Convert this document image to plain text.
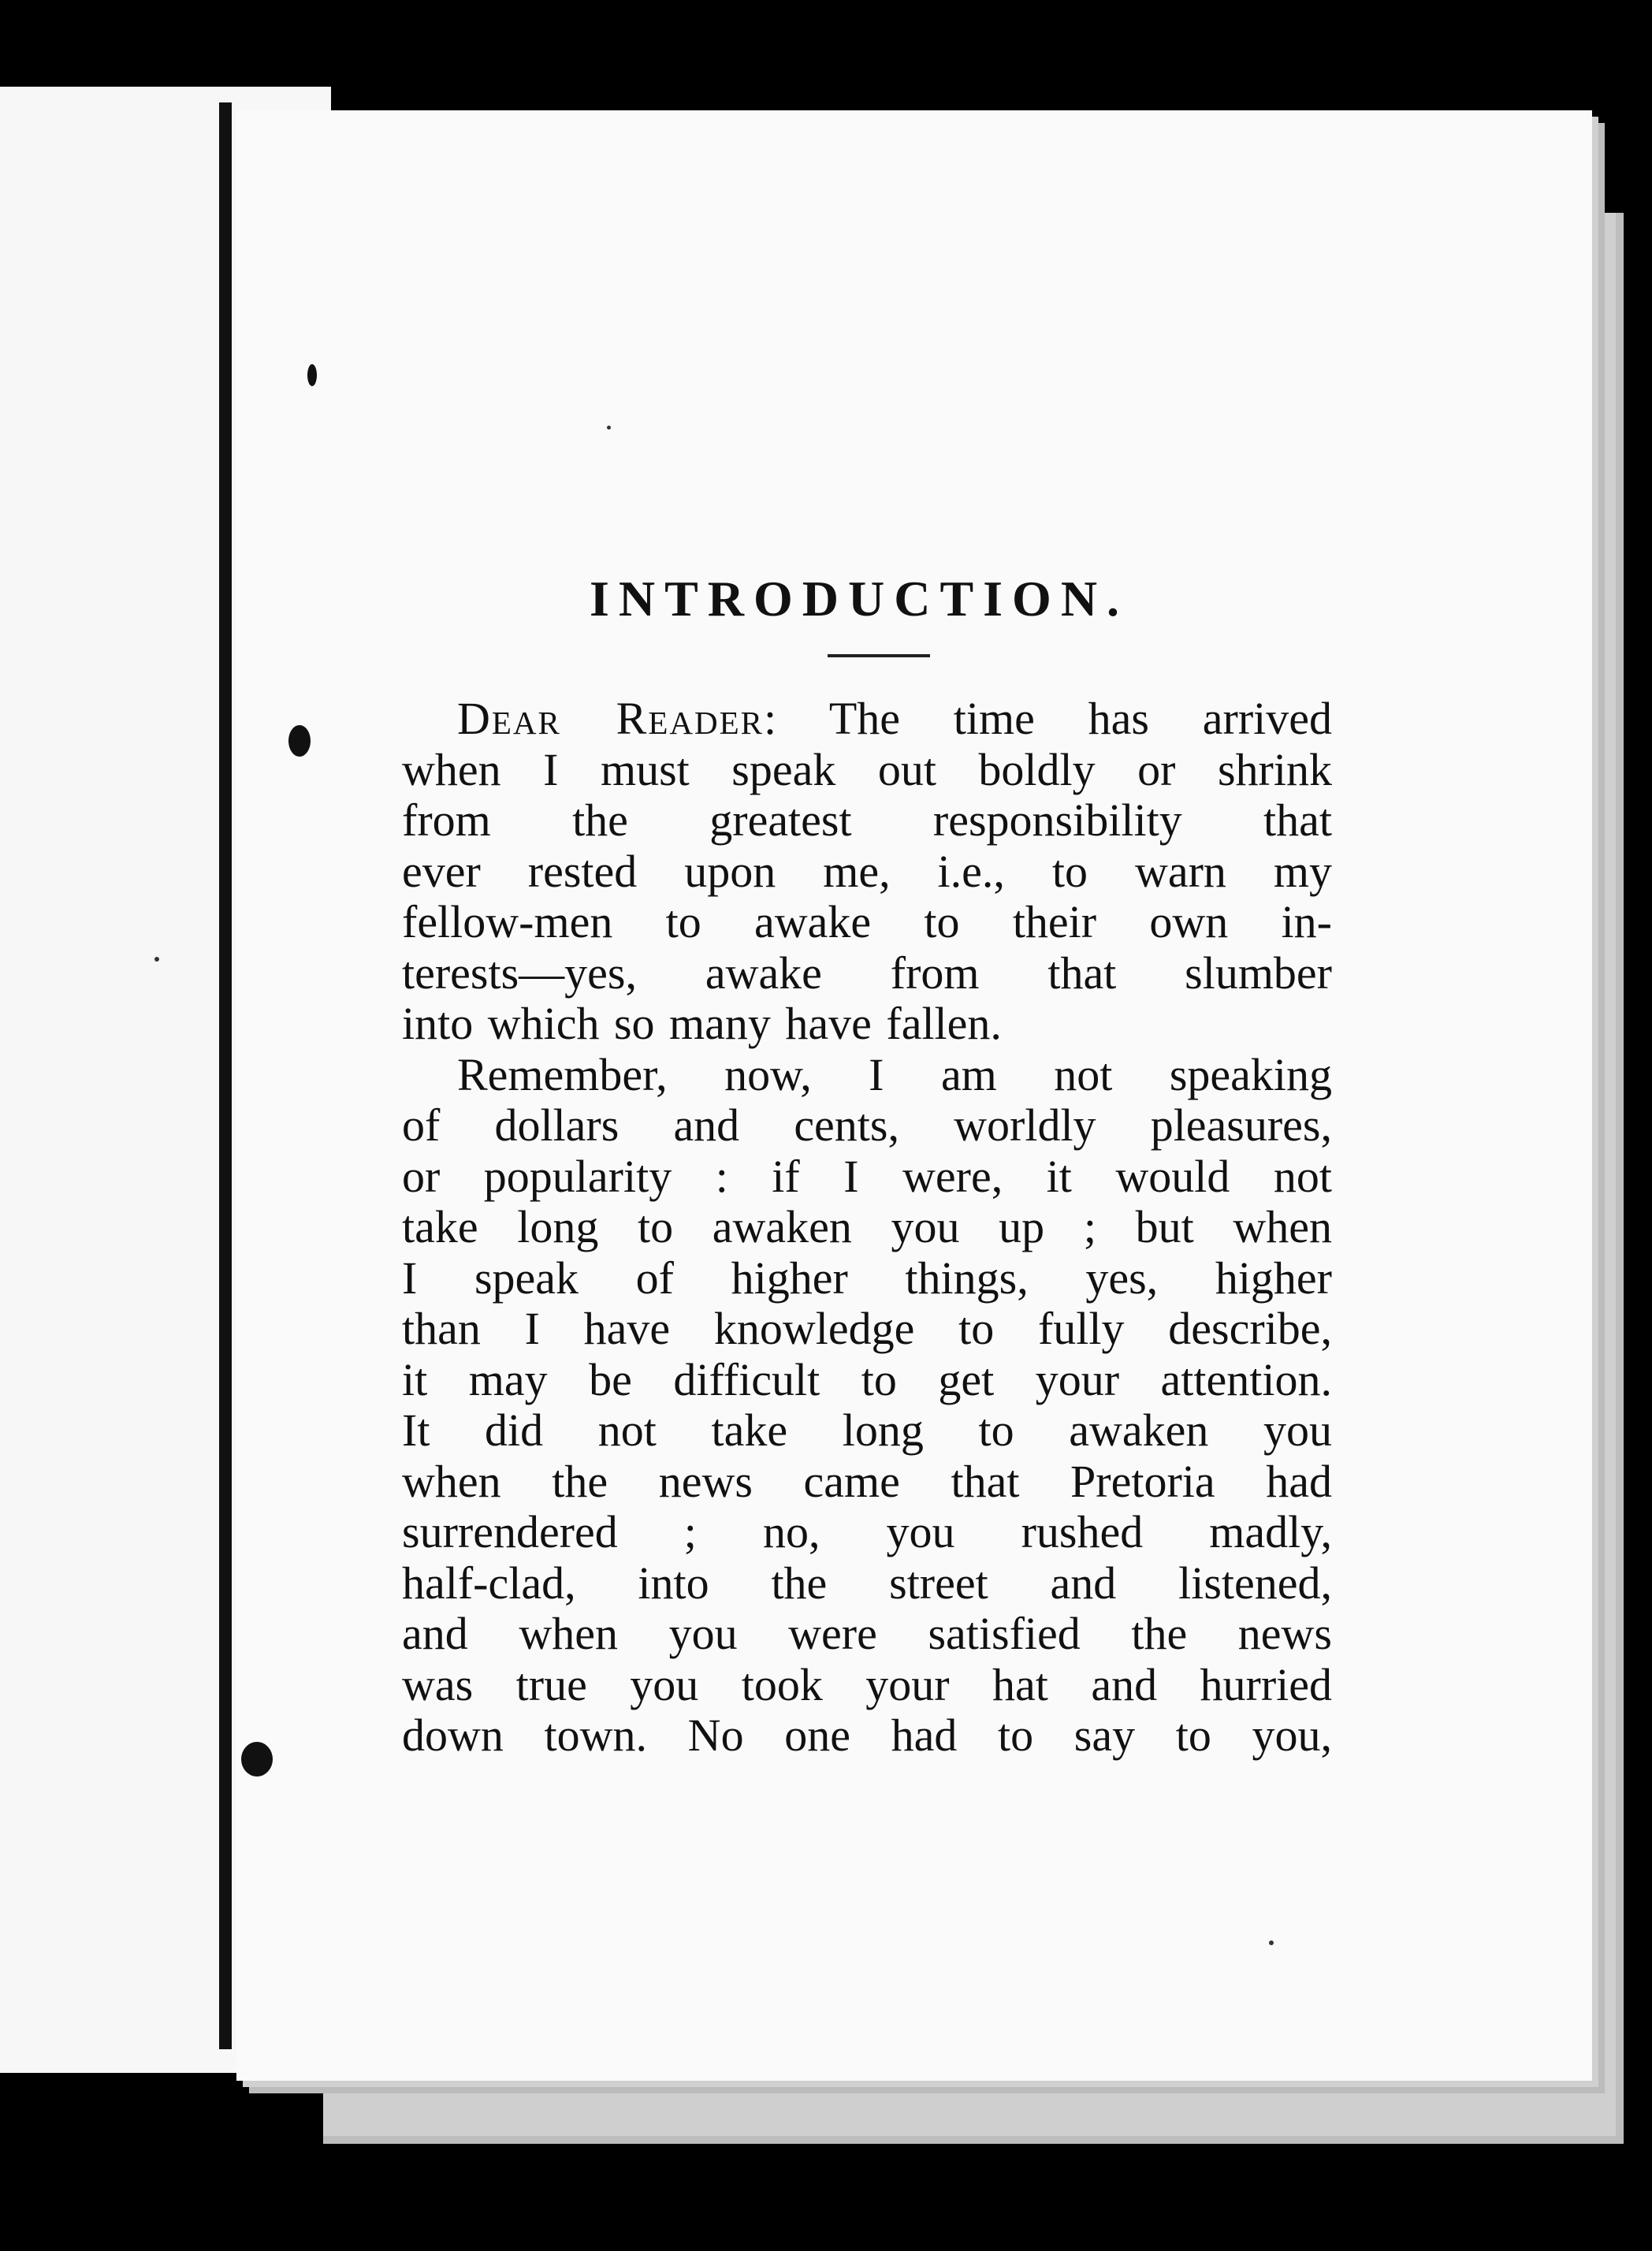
INTRODUCTION.

Dear Reader: The time has arrived
when I must speak out boldly or shrink
from the greatest responsibility that
ever rested upon me, i.e., to warn my
fellow-men to awake to their own in-
terests—yes, awake from that slumber
into which so many have fallen.

Remember, now, I am not speaking
of dollars and cents, worldly pleasures,
or popularity : if I were, it would not
take long to awaken you up ; but when
I speak of higher things, yes, higher
than I have knowledge to fully describe,
it may be difficult to get your attention.
It did not take long to awaken you
when the news came that Pretoria had
surrendered ; no, you rushed madly,
half-clad, into the street and listened,
and when you were satisfied the news
was true you took your hat and hurried
down town. No one had to say to you,
